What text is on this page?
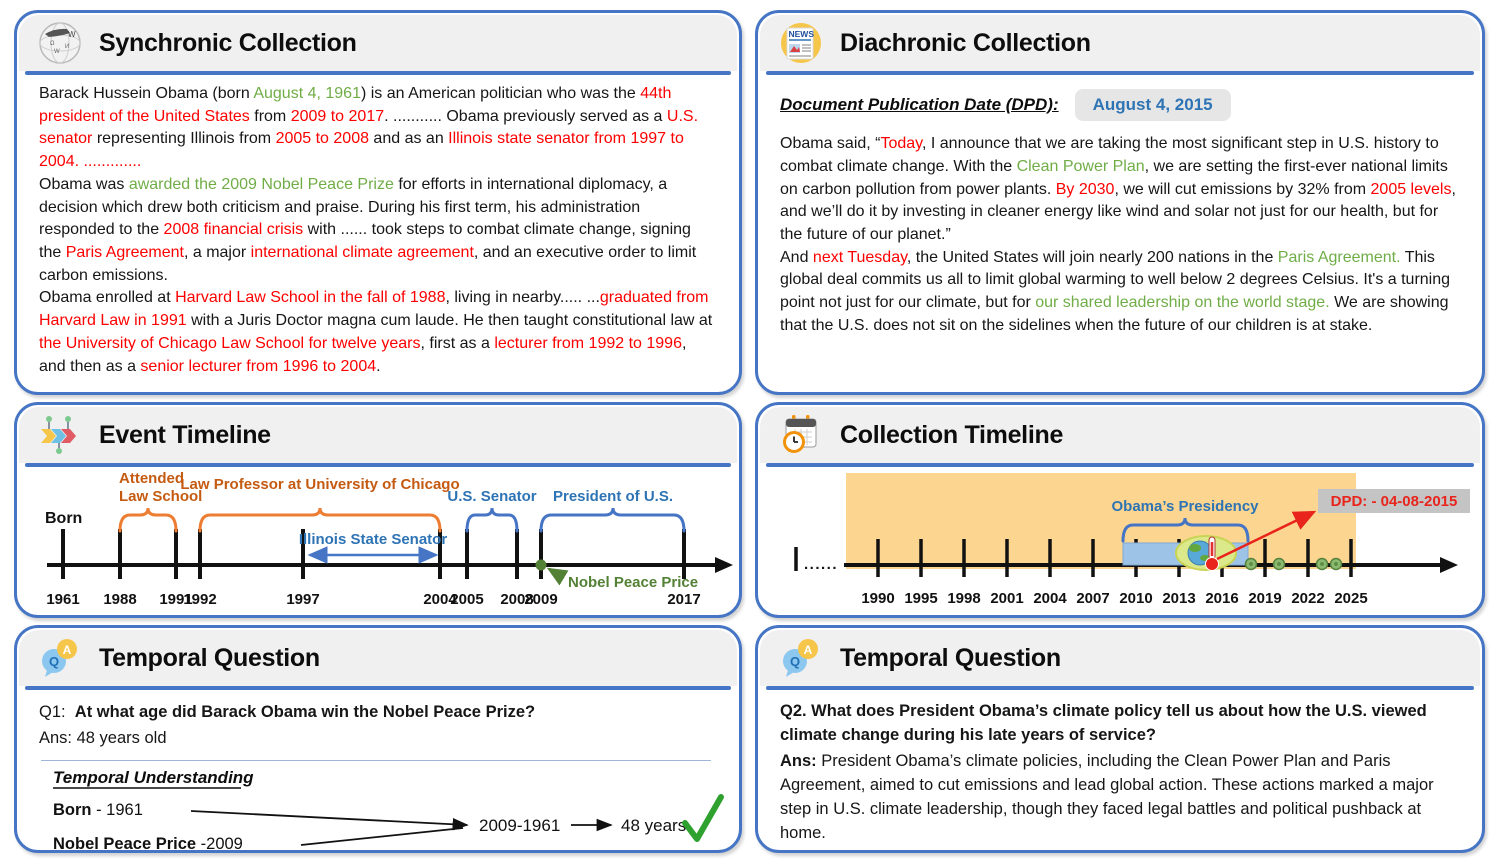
W
Ω И
W Synchronic Collection

Barack Hussein Obama (born August 4, 1961) is an American politician who was the 44th president of the United States from 2009 to 2017. ........... Obama previously served as a U.S. senator representing Illinois from 2005 to 2008 and as an Illinois state senator from 1997 to 2004. .............

Obama was awarded the 2009 Nobel Peace Prize for efforts in international diplomacy, a decision which drew both criticism and praise. During his first term, his administration responded to the 2008 financial crisis with ...... took steps to combat climate change, signing the Paris Agreement, a major international climate agreement, and an executive order to limit carbon emissions.

Obama enrolled at Harvard Law School in the fall of 1988, living in nearby..... ...graduated from Harvard Law in 1991 with a Juris Doctor magna cum laude. He then taught constitutional law at the University of Chicago Law School for twelve years, first as a lecturer from 1992 to 1996, and then as a senior lecturer from 1996 to 2004.

NEWS Diachronic Collection
Document Publication Date (DPD):	August 4, 2015

Obama said, “Today, I announce that we are taking the most significant step in U.S. history to combat climate change. With the Clean Power Plan, we are setting the first-ever national limits on carbon pollution from power plants. By 2030, we will cut emissions by 32% from 2005 levels, and we’ll do it by investing in cleaner energy like wind and solar not just for our health, but for the future of our planet.”

And next Tuesday, the United States will join nearly 200 nations in the Paris Agreement. This global deal commits us all to limit global warming to well below 2 degrees Celsius. It's a turning point not just for our climate, but for our shared leadership on the world stage. We are showing that the U.S. does not sit on the sidelines when the future of our children is at stake.

Event Timeline
1961 1988 1991
1992	1997	2004
2005 2008
2009	2017
Born
Attended
Law School
Law Professor at University of Chicago
Illinois State Senator
U.S. Senator President of U.S.
Nobel Peace Price
Collection Timeline
......
Obama’s Presidency	DPD: - 04-08-2015
1990 1995 1998 2001 2004 2007 2010 2013 2016 2019 2022 2025
Q
A Temporal Question
Q1: At what age did Barack Obama win the Nobel Peace Prize?
Ans: 48 years old
Temporal Understanding
Born - 1961
Nobel Peace Price -2009
2009-1961	48 years
Q
A Temporal Question

Q2. What does President Obama’s climate policy tell us about how the U.S. viewed climate change during his late years of service?

Ans: President Obama’s climate policies, including the Clean Power Plan and Paris Agreement, aimed to cut emissions and lead global action. These actions marked a major step in U.S. climate leadership, though they faced legal battles and political pushback at home.
